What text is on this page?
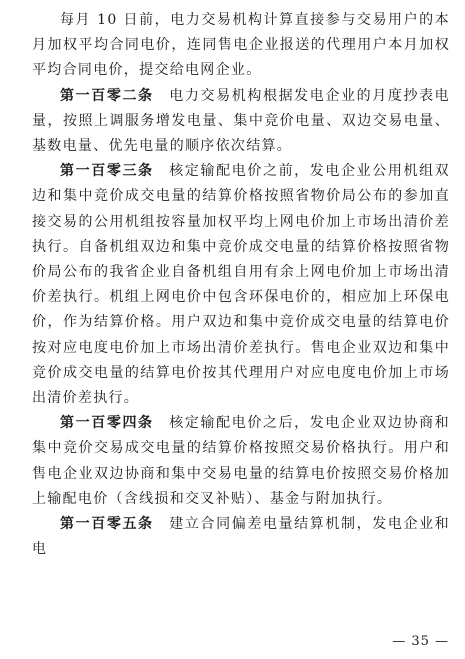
每月 10 日前，电力交易机构计算直接参与交易用户的本月加权平均合同电价，连同售电企业报送的代理用户本月加权平均合同电价，提交给电网企业。

第一百零二条　 电力交易机构根据发电企业的月度抄表电量，按照上调服务增发电量、集中竞价电量、双边交易电量、基数电量、优先电量的顺序依次结算。

第一百零三条　 核定输配电价之前，发电企业公用机组双边和集中竞价成交电量的结算价格按照省物价局公布的参加直接交易的公用机组按容量加权平均上网电价加上市场出清价差执行。自备机组双边和集中竞价成交电量的结算价格按照省物价局公布的我省企业自备机组自用有余上网电价加上市场出清价差执行。机组上网电价中包含环保电价的，相应加上环保电价，作为结算价格。用户双边和集中竞价成交电量的结算电价按对应电度电价加上市场出清价差执行。售电企业双边和集中竞价成交电量的结算电价按其代理用户对应电度电价加上市场出清价差执行。

第一百零四条　 核定输配电价之后，发电企业双边协商和集中竞价交易成交电量的结算价格按照交易价格执行。用户和售电企业双边协商和集中交易电量的结算电价按照交易价格加上输配电价（含线损和交叉补贴）、基金与附加执行。

第一百零五条　 建立合同偏差电量结算机制，发电企业和电

— 35 —
